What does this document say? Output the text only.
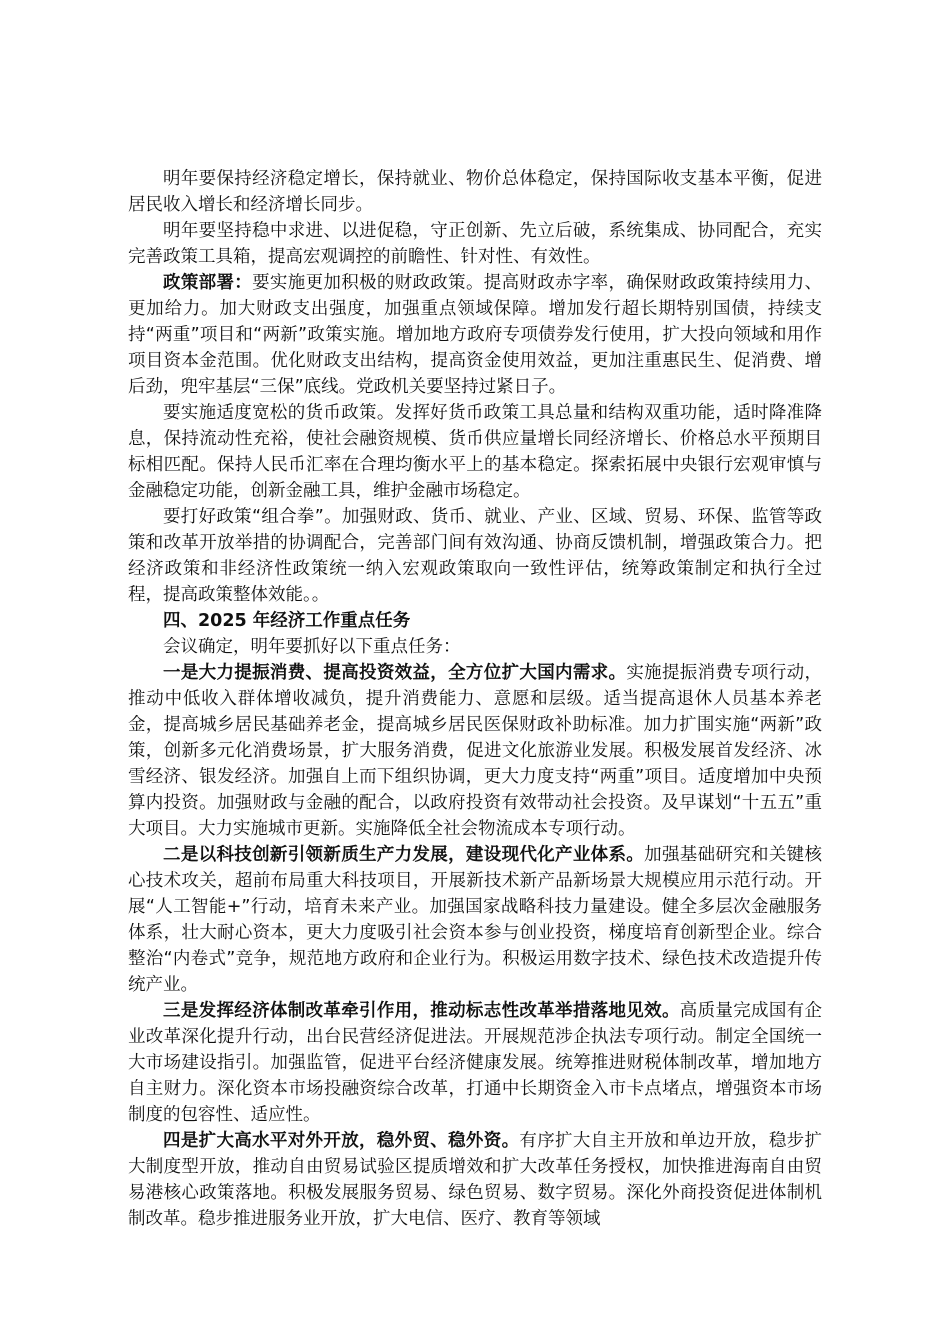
明年要保持经济稳定增长，保持就业、物价总体稳定，保持国际收支基本平衡，促进居民收入增长和经济增长同步。

明年要坚持稳中求进、以进促稳，守正创新、先立后破，系统集成、协同配合，充实完善政策工具箱，提高宏观调控的前瞻性、针对性、有效性。

政策部署：要实施更加积极的财政政策。提高财政赤字率，确保财政政策持续用力、更加给力。加大财政支出强度，加强重点领域保障。增加发行超长期特别国债，持续支持“两重”项目和“两新”政策实施。增加地方政府专项债券发行使用，扩大投向领域和用作项目资本金范围。优化财政支出结构，提高资金使用效益，更加注重惠民生、促消费、增后劲，兜牢基层“三保”底线。党政机关要坚持过紧日子。

要实施适度宽松的货币政策。发挥好货币政策工具总量和结构双重功能，适时降准降息，保持流动性充裕，使社会融资规模、货币供应量增长同经济增长、价格总水平预期目标相匹配。保持人民币汇率在合理均衡水平上的基本稳定。探索拓展中央银行宏观审慎与金融稳定功能，创新金融工具，维护金融市场稳定。

要打好政策“组合拳”。加强财政、货币、就业、产业、区域、贸易、环保、监管等政策和改革开放举措的协调配合，完善部门间有效沟通、协商反馈机制，增强政策合力。把经济政策和非经济性政策统一纳入宏观政策取向一致性评估，统筹政策制定和执行全过程，提高政策整体效能。。

四、2025 年经济工作重点任务

会议确定，明年要抓好以下重点任务：

一是大力提振消费、提高投资效益，全方位扩大国内需求。实施提振消费专项行动，推动中低收入群体增收减负，提升消费能力、意愿和层级。适当提高退休人员基本养老金，提高城乡居民基础养老金，提高城乡居民医保财政补助标准。加力扩围实施“两新”政策，创新多元化消费场景，扩大服务消费，促进文化旅游业发展。积极发展首发经济、冰雪经济、银发经济。加强自上而下组织协调，更大力度支持“两重”项目。适度增加中央预算内投资。加强财政与金融的配合，以政府投资有效带动社会投资。及早谋划“十五五”重大项目。大力实施城市更新。实施降低全社会物流成本专项行动。

二是以科技创新引领新质生产力发展，建设现代化产业体系。加强基础研究和关键核心技术攻关，超前布局重大科技项目，开展新技术新产品新场景大规模应用示范行动。开展“人工智能+”行动，培育未来产业。加强国家战略科技力量建设。健全多层次金融服务体系，壮大耐心资本，更大力度吸引社会资本参与创业投资，梯度培育创新型企业。综合整治“内卷式”竞争，规范地方政府和企业行为。积极运用数字技术、绿色技术改造提升传统产业。

三是发挥经济体制改革牵引作用，推动标志性改革举措落地见效。高质量完成国有企业改革深化提升行动，出台民营经济促进法。开展规范涉企执法专项行动。制定全国统一大市场建设指引。加强监管，促进平台经济健康发展。统筹推进财税体制改革，增加地方自主财力。深化资本市场投融资综合改革，打通中长期资金入市卡点堵点，增强资本市场制度的包容性、适应性。

四是扩大高水平对外开放，稳外贸、稳外资。有序扩大自主开放和单边开放，稳步扩大制度型开放，推动自由贸易试验区提质增效和扩大改革任务授权，加快推进海南自由贸易港核心政策落地。积极发展服务贸易、绿色贸易、数字贸易。深化外商投资促进体制机制改革。稳步推进服务业开放，扩大电信、医疗、教育等领域
